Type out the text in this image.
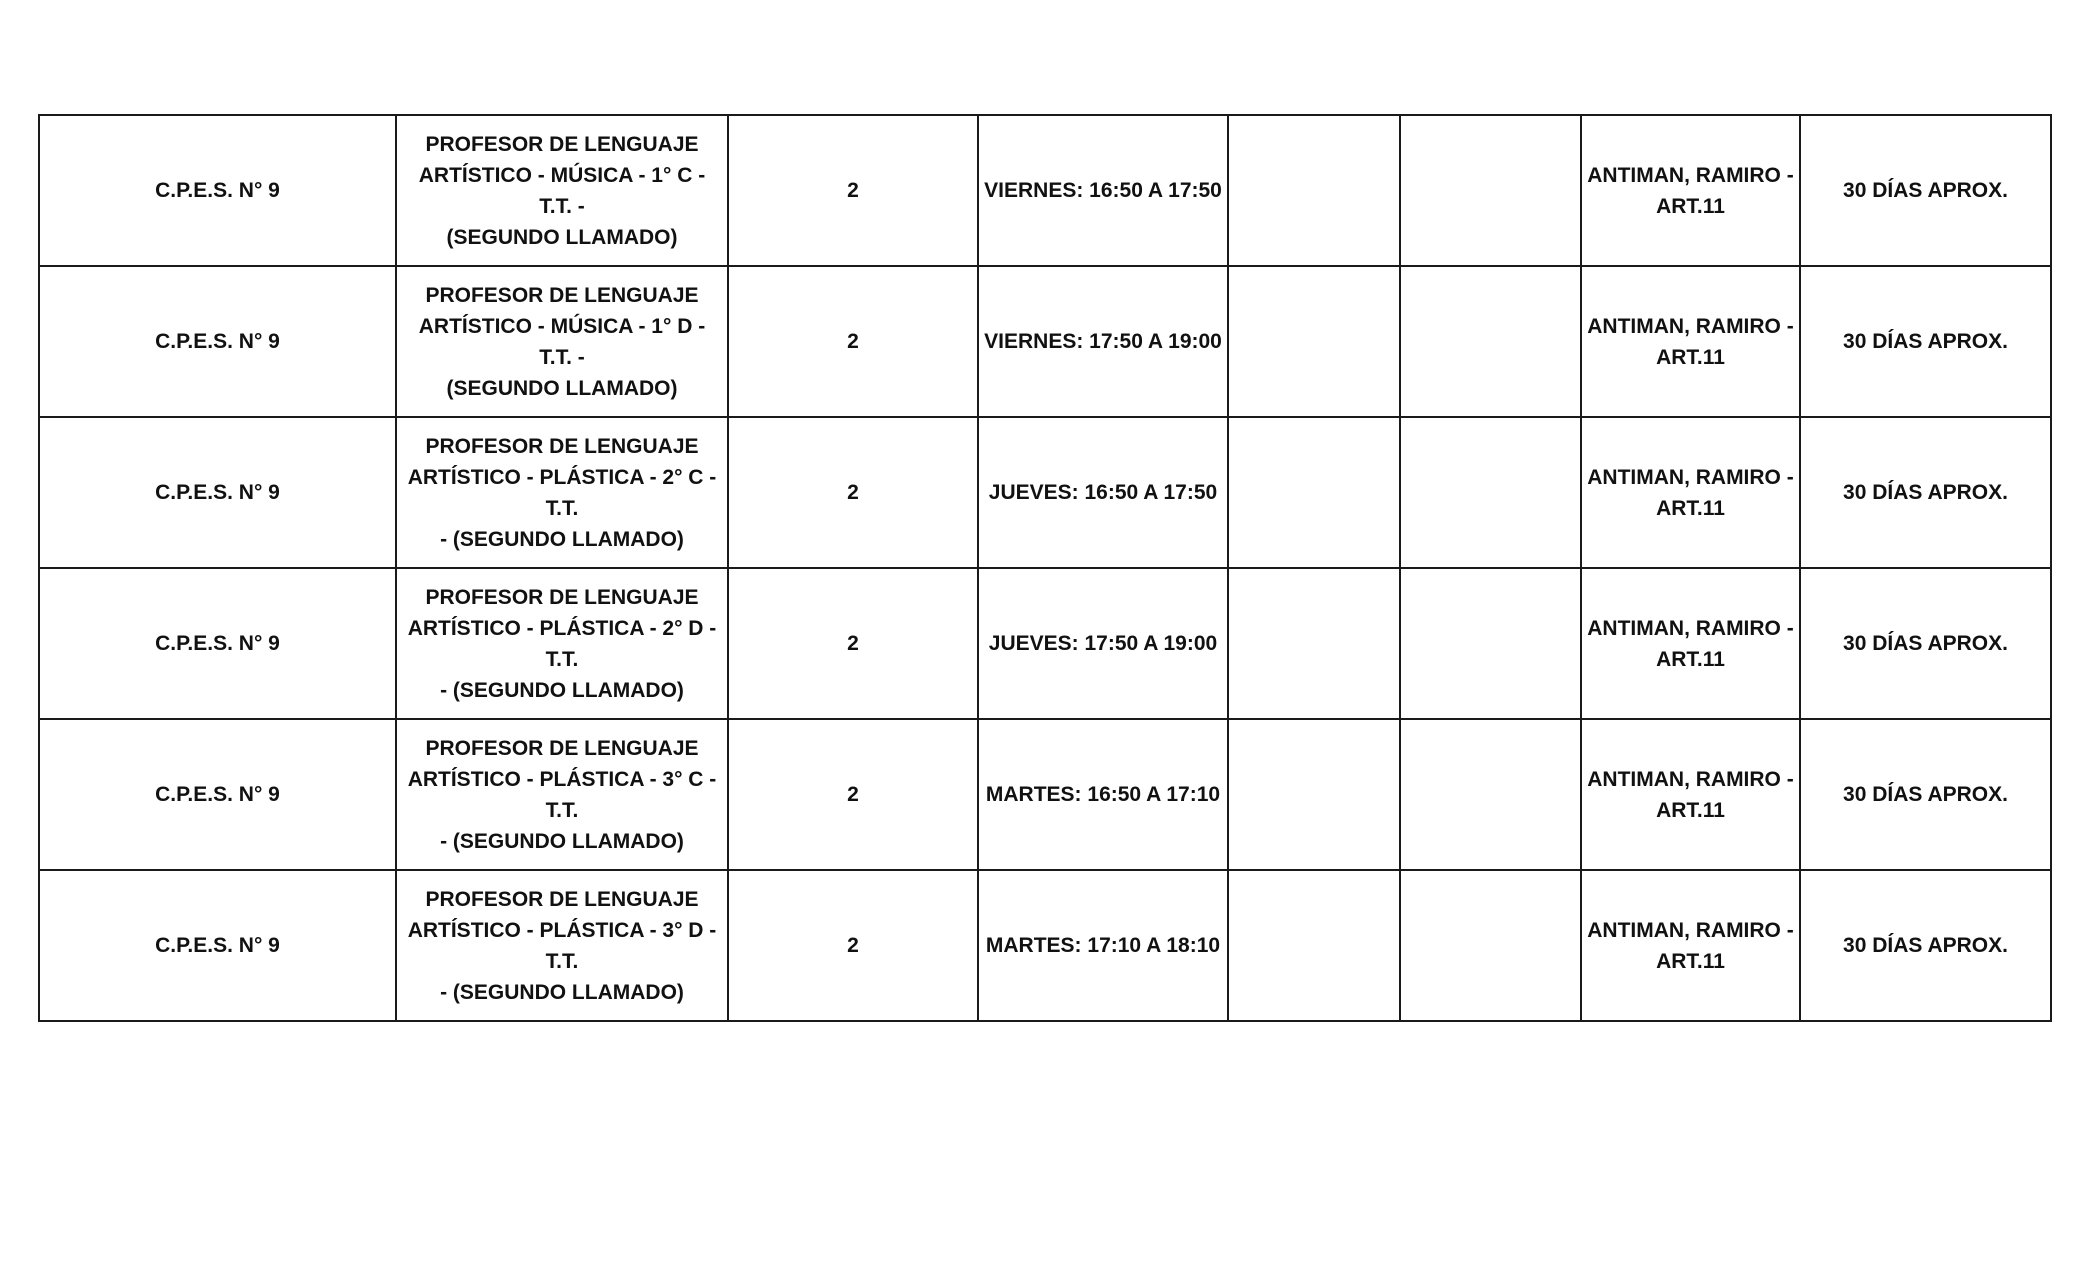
C.P.E.S. N° 9	PROFESOR DE LENGUAJE
ARTÍSTICO - MÚSICA - 1° C - T.T. -
(SEGUNDO LLAMADO)	2	VIERNES: 16:50 A 17:50			ANTIMAN, RAMIRO -
ART.11	30 DÍAS APROX.
C.P.E.S. N° 9	PROFESOR DE LENGUAJE
ARTÍSTICO - MÚSICA - 1° D - T.T. -
(SEGUNDO LLAMADO)	2	VIERNES: 17:50 A 19:00			ANTIMAN, RAMIRO -
ART.11	30 DÍAS APROX.
C.P.E.S. N° 9	PROFESOR DE LENGUAJE
ARTÍSTICO - PLÁSTICA - 2° C - T.T.
- (SEGUNDO LLAMADO)	2	JUEVES: 16:50 A 17:50			ANTIMAN, RAMIRO -
ART.11	30 DÍAS APROX.
C.P.E.S. N° 9	PROFESOR DE LENGUAJE
ARTÍSTICO - PLÁSTICA - 2° D - T.T.
- (SEGUNDO LLAMADO)	2	JUEVES: 17:50 A 19:00			ANTIMAN, RAMIRO -
ART.11	30 DÍAS APROX.
C.P.E.S. N° 9	PROFESOR DE LENGUAJE
ARTÍSTICO - PLÁSTICA - 3° C - T.T.
- (SEGUNDO LLAMADO)	2	MARTES: 16:50 A 17:10			ANTIMAN, RAMIRO -
ART.11	30 DÍAS APROX.
C.P.E.S. N° 9	PROFESOR DE LENGUAJE
ARTÍSTICO - PLÁSTICA - 3° D - T.T.
- (SEGUNDO LLAMADO)	2	MARTES: 17:10 A 18:10			ANTIMAN, RAMIRO -
ART.11	30 DÍAS APROX.
